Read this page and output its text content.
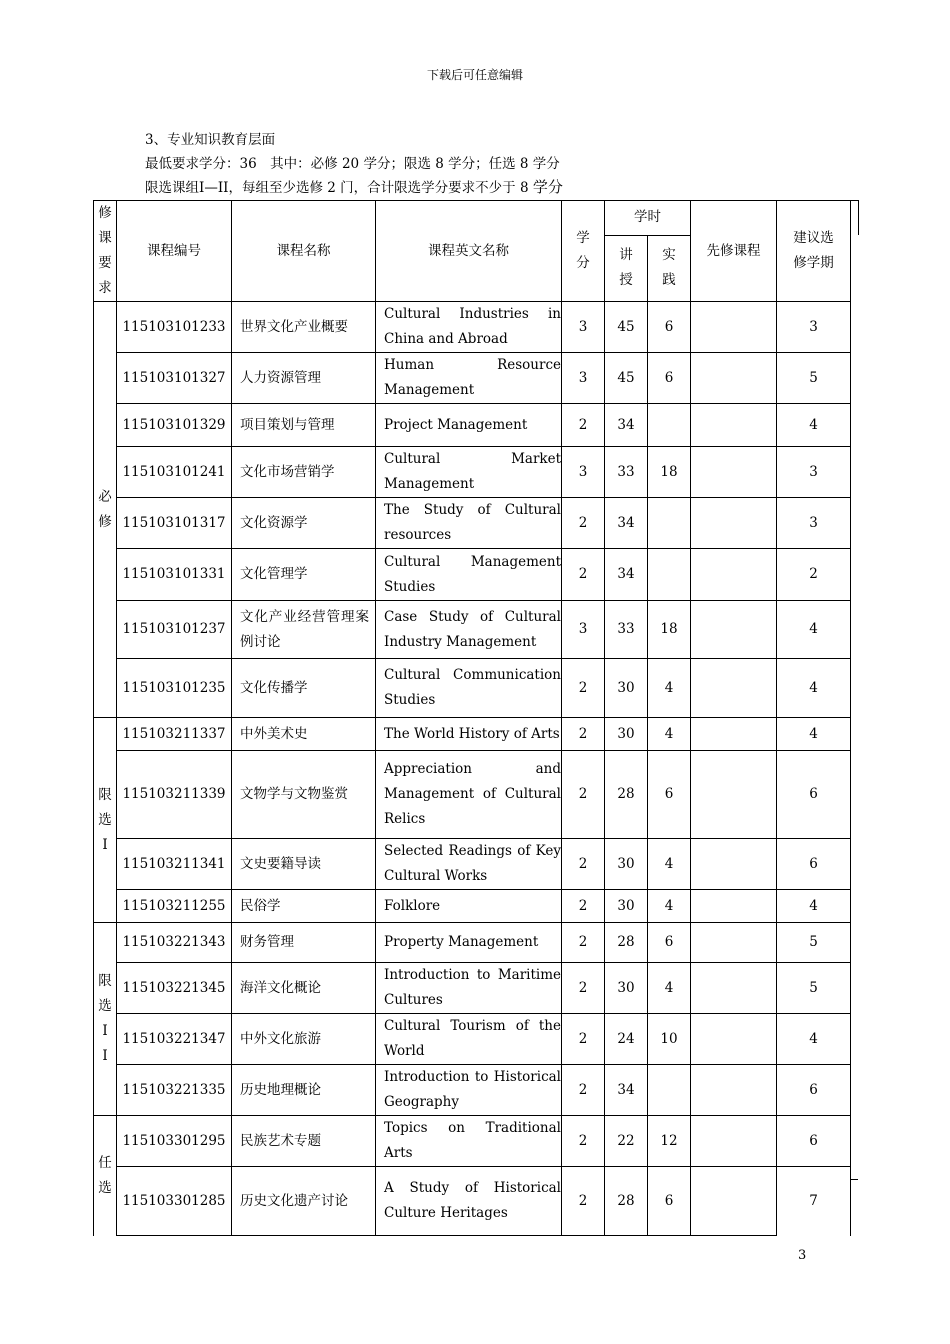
下载后可任意编辑
3、专业知识教育层面
最低要求学分：36　其中：必修 20 学分；限选 8 学分；任选 8 学分
限选课组Ⅰ—II，每组至少选修 2 门，合计限选学分要求不少于 8 学分
修
课
要
求	课程编号	课程名称	课程英文名称	学分	学时		先修课程	建议选修学期

					讲授	实践		

必
修	115103101233	世界文化产业概要	Cultural Industries in China and Abroad	3	45	6		3
	115103101327	人力资源管理	Human Resource Management	3	45	6		5
	115103101329	项目策划与管理	Project Management	2	34			4
	115103101241	文化市场营销学	Cultural Market Management	3	33	18		3
	115103101317	文化资源学	The Study of Cultural resources	2	34			3
	115103101331	文化管理学	Cultural Management Studies	2	34			2
	115103101237	文化产业经营管理案例讨论	Case Study of Cultural Industry Management	3	33	18		4
	115103101235	文化传播学	Cultural Communication Studies	2	30	4		4

限
选
I	115103211337	中外美术史	The World History of Arts	2	30	4		4
	115103211339	文物学与文物鉴赏	Appreciation and Management of Cultural Relics	2	28	6		6
	115103211341	文史要籍导读	Selected Readings of Key Cultural Works	2	30	4		6
	115103211255	民俗学	Folklore	2	30	4		4

限
选
I
I	115103221343	财务管理	Property Management	2	28	6		5
	115103221345	海洋文化概论	Introduction to Maritime Cultures	2	30	4		5
	115103221347	中外文化旅游	Cultural Tourism of the World	2	24	10		4
	115103221335	历史地理概论	Introduction to Historical Geography	2	34			6

任
选	115103301295	民族艺术专题	Topics on Traditional Arts	2	22	12		6
	115103301285	历史文化遗产讨论	A Study of Historical Culture Heritages	2	28	6		7
3
